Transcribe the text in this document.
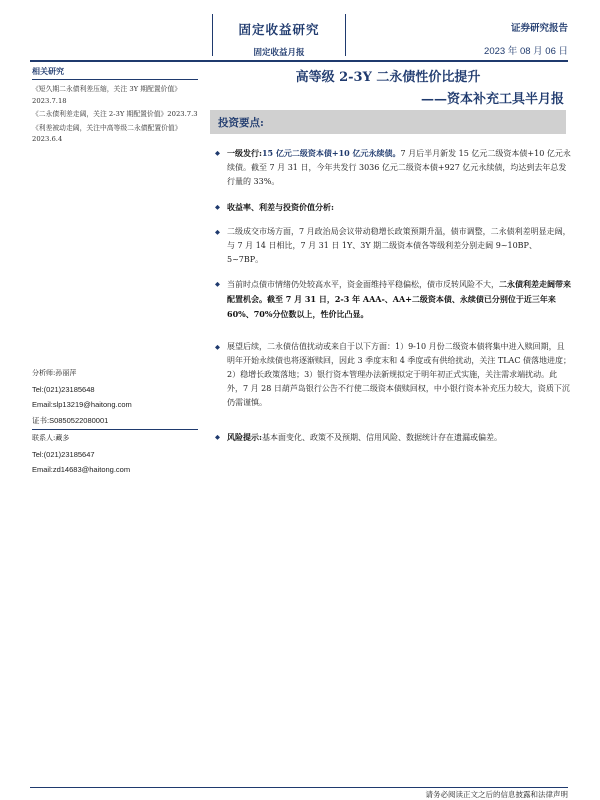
固定收益研究
固定收益月报
证券研究报告
2023 年 08 月 06 日
相关研究
《短久期二永债利差压缩，关注 3Y 期配置价值》2023.7.18
《二永债利差走阔，关注 2-3Y 期配置价值》2023.7.3
《利差被动走阔，关注中高等级二永债配置价值》2023.6.4
分析师:孙丽萍
Tel:(021)23185648
Email:slp13219@haitong.com
证书:S0850522080001
联系人:藏多
Tel:(021)23185647
Email:zd14683@haitong.com
高等级 2-3Y 二永债性价比提升
——资本补充工具半月报
投资要点:
◆ 一级发行:15 亿元二级资本债+10 亿元永续债。7 月后半月新发 15 亿元二级资本债+10 亿元永续债。截至 7 月 31 日，今年共发行 3036 亿元二级资本债+927 亿元永续债，均达到去年总发行量的 33%。
◆ 收益率、利差与投资价值分析:
◆ 二级成交市场方面，7 月政治局会议带动稳增长政策预期升温，债市调整，二永债利差明显走阔，与 7 月 14 日相比，7 月 31 日 1Y、3Y 期二级资本债各等级利差分别走阔 9~10BP、5~7BP。
◆ 当前时点债市情绪仍处较高水平，资金面维持平稳偏松，债市反转风险不大，二永债利差走阔带来配置机会。截至 7 月 31 日，2-3 年 AAA-、AA+二级资本债、永续债已分别位于近三年来 60%、70%分位数以上，性价比凸显。
◆ 展望后续，二永债估值扰动或来自于以下方面：1）9-10 月份二级资本债将集中进入赎回期，且明年开始永续债也将逐渐赎回，因此 3 季度末和 4 季度或有供给扰动，关注 TLAC 债落地进度；2）稳增长政策落地；3）银行资本管理办法新规拟定于明年初正式实施，关注需求端扰动。此外，7 月 28 日葫芦岛银行公告不行使二级资本债赎回权，中小银行资本补充压力较大，资质下沉仍需谨慎。
◆ 风险提示:基本面变化、政策不及预期、信用风险、数据统计存在遗漏或偏差。
请务必阅读正文之后的信息披露和法律声明
